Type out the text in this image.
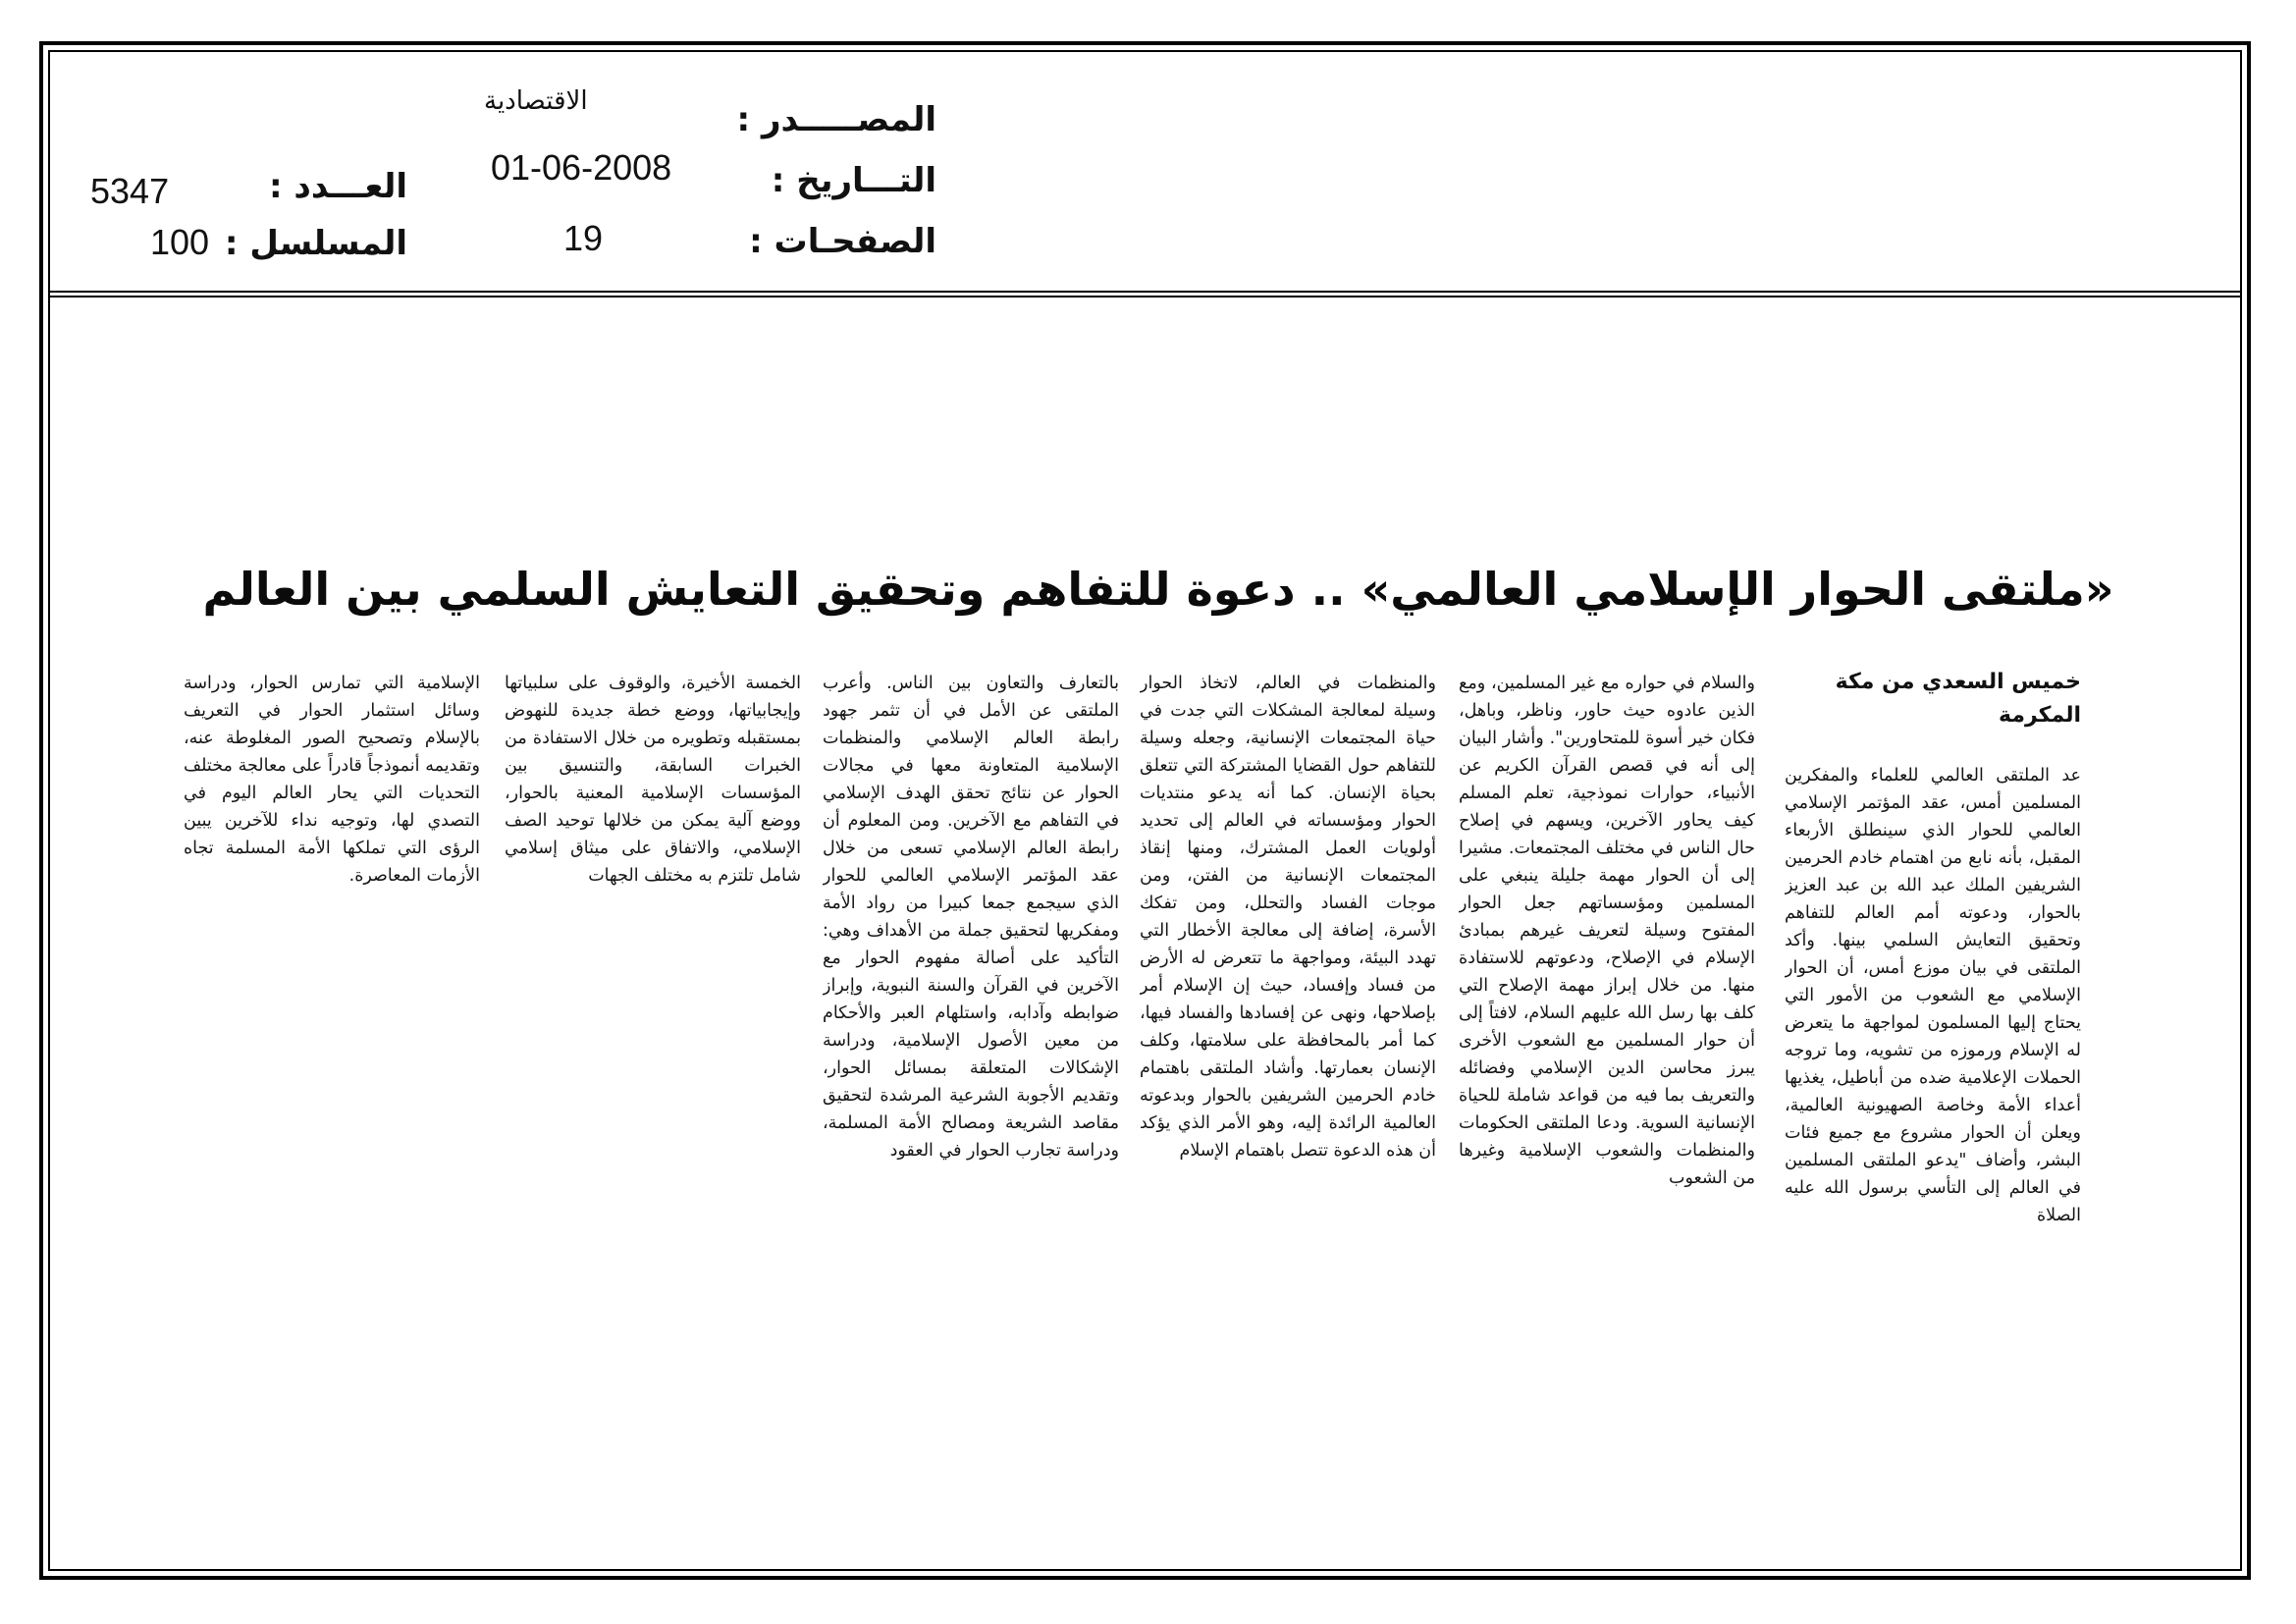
الاقتصادية	المصـــــدر :
01-06-2008	التـــاريخ :
19	الصفحـات :
5347	العـــدد :
100 المسلسل :
«ملتقى الحوار الإسلامي العالمي» .. دعوة للتفاهم وتحقيق التعايش السلمي بين العالم
خميس السعدي من مكة المكرمة

عد الملتقى العالمي للعلماء والمفكرين المسلمين أمس، عقد المؤتمر الإسلامي العالمي للحوار الذي سينطلق الأربعاء المقبل، بأنه نابع من اهتمام خادم الحرمين الشريفين الملك عبد الله بن عبد العزيز بالحوار، ودعوته أمم العالم للتفاهم وتحقيق التعايش السلمي بينها. وأكد الملتقى في بيان موزع أمس، أن الحوار الإسلامي مع الشعوب من الأمور التي يحتاج إليها المسلمون لمواجهة ما يتعرض له الإسلام ورموزه من تشويه، وما تروجه الحملات الإعلامية ضده من أباطيل، يغذيها أعداء الأمة وخاصة الصهيونية العالمية، ويعلن أن الحوار مشروع مع جميع فئات البشر، وأضاف "يدعو الملتقى المسلمين في العالم إلى التأسي برسول الله عليه الصلاة

والسلام في حواره مع غير المسلمين، ومع الذين عادوه حيث حاور، وناظر، وباهل، فكان خير أسوة للمتحاورين". وأشار البيان إلى أنه في قصص القرآن الكريم عن الأنبياء، حوارات نموذجية، تعلم المسلم كيف يحاور الآخرين، ويسهم في إصلاح حال الناس في مختلف المجتمعات. مشيرا إلى أن الحوار مهمة جليلة ينبغي على المسلمين ومؤسساتهم جعل الحوار المفتوح وسيلة لتعريف غيرهم بمبادئ الإسلام في الإصلاح، ودعوتهم للاستفادة منها. من خلال إبراز مهمة الإصلاح التي كلف بها رسل الله عليهم السلام، لافتاً إلى أن حوار المسلمين مع الشعوب الأخرى يبرز محاسن الدين الإسلامي وفضائله والتعريف بما فيه من قواعد شاملة للحياة الإنسانية السوية. ودعا الملتقى الحكومات والمنظمات والشعوب الإسلامية وغيرها من الشعوب

والمنظمات في العالم، لاتخاذ الحوار وسيلة لمعالجة المشكلات التي جدت في حياة المجتمعات الإنسانية، وجعله وسيلة للتفاهم حول القضايا المشتركة التي تتعلق بحياة الإنسان. كما أنه يدعو منتديات الحوار ومؤسساته في العالم إلى تحديد أولويات العمل المشترك، ومنها إنقاذ المجتمعات الإنسانية من الفتن، ومن موجات الفساد والتحلل، ومن تفكك الأسرة، إضافة إلى معالجة الأخطار التي تهدد البيئة، ومواجهة ما تتعرض له الأرض من فساد وإفساد، حيث إن الإسلام أمر بإصلاحها، ونهى عن إفسادها والفساد فيها، كما أمر بالمحافظة على سلامتها، وكلف الإنسان بعمارتها. وأشاد الملتقى باهتمام خادم الحرمين الشريفين بالحوار وبدعوته العالمية الرائدة إليه، وهو الأمر الذي يؤكد أن هذه الدعوة تتصل باهتمام الإسلام

بالتعارف والتعاون بين الناس. وأعرب الملتقى عن الأمل في أن تثمر جهود رابطة العالم الإسلامي والمنظمات الإسلامية المتعاونة معها في مجالات الحوار عن نتائج تحقق الهدف الإسلامي في التفاهم مع الآخرين. ومن المعلوم أن رابطة العالم الإسلامي تسعى من خلال عقد المؤتمر الإسلامي العالمي للحوار الذي سيجمع جمعا كبيرا من رواد الأمة ومفكريها لتحقيق جملة من الأهداف وهي: التأكيد على أصالة مفهوم الحوار مع الآخرين في القرآن والسنة النبوية، وإبراز ضوابطه وآدابه، واستلهام العبر والأحكام من معين الأصول الإسلامية، ودراسة الإشكالات المتعلقة بمسائل الحوار، وتقديم الأجوبة الشرعية المرشدة لتحقيق مقاصد الشريعة ومصالح الأمة المسلمة، ودراسة تجارب الحوار في العقود

الخمسة الأخيرة، والوقوف على سلبياتها وإيجابياتها، ووضع خطة جديدة للنهوض بمستقبله وتطويره من خلال الاستفادة من الخبرات السابقة، والتنسيق بين المؤسسات الإسلامية المعنية بالحوار، ووضع آلية يمكن من خلالها توحيد الصف الإسلامي، والاتفاق على ميثاق إسلامي شامل تلتزم به مختلف الجهات

الإسلامية التي تمارس الحوار، ودراسة وسائل استثمار الحوار في التعريف بالإسلام وتصحيح الصور المغلوطة عنه، وتقديمه أنموذجاً قادراً على معالجة مختلف التحديات التي يحار العالم اليوم في التصدي لها، وتوجيه نداء للآخرين يبين الرؤى التي تملكها الأمة المسلمة تجاه الأزمات المعاصرة.
